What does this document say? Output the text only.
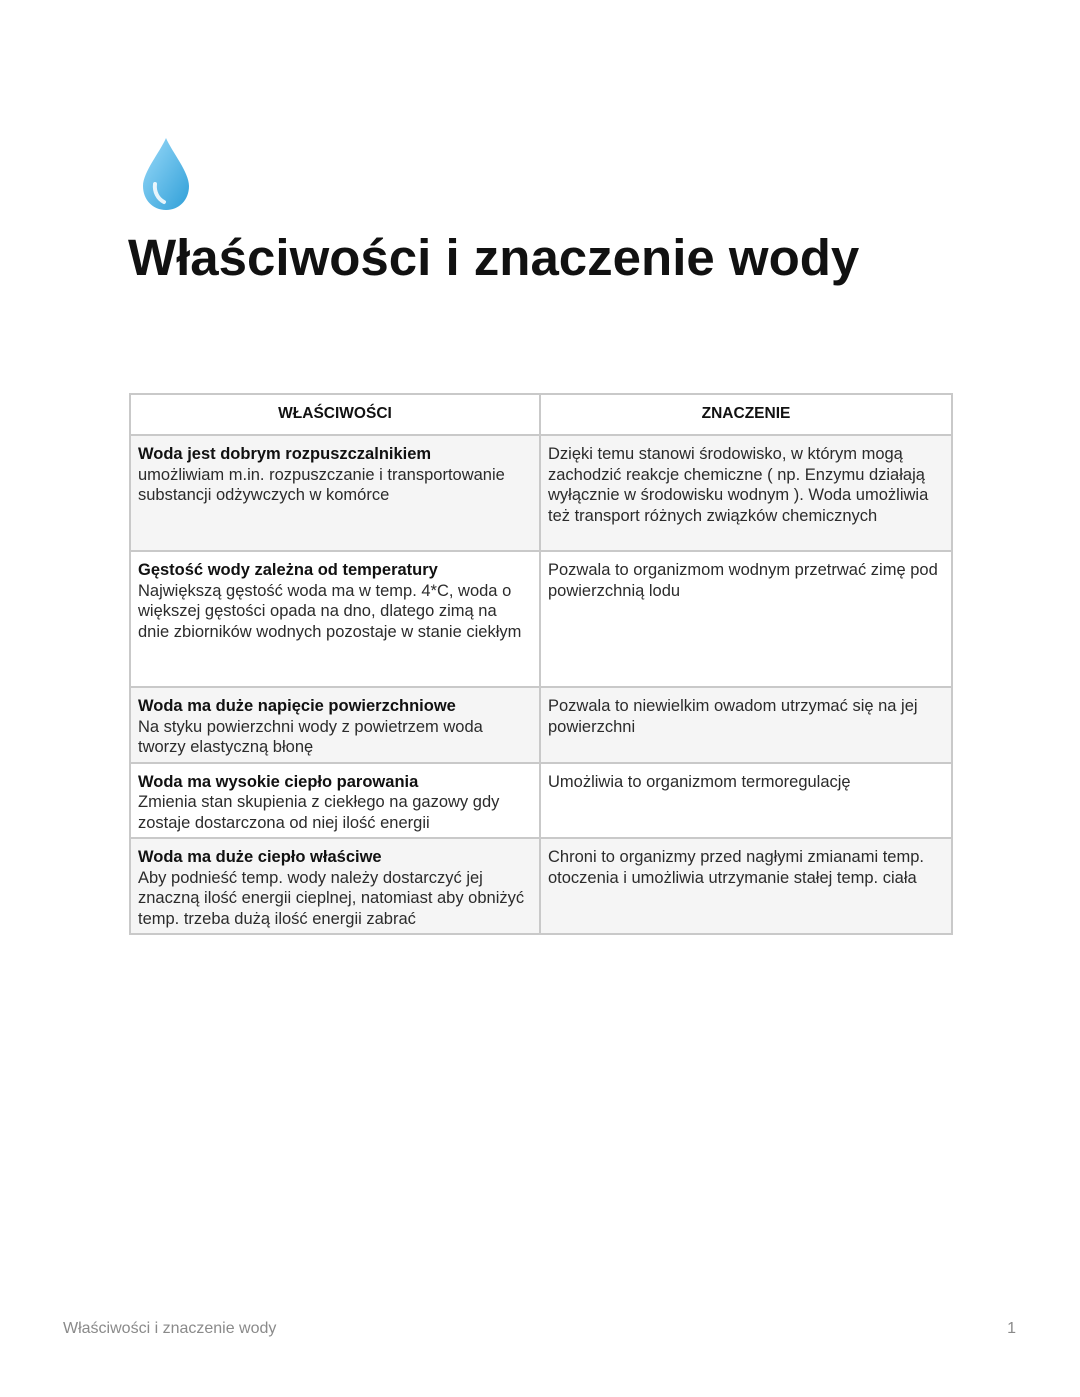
Właściwości i znaczenie wody
WŁAŚCIWOŚCI	ZNACZENIE

Woda jest dobrym rozpuszczalnikiem
umożliwiam m.in. rozpuszczanie i transportowanie substancji odżywczych w komórce	Dzięki temu stanowi środowisko, w którym mogą zachodzić reakcje chemiczne ( np. Enzymu działają wyłącznie w środowisku wodnym ). Woda umożliwia też transport różnych związków chemicznych

Gęstość wody zależna od temperatury
Największą gęstość woda ma w temp. 4*C, woda o większej gęstości opada na dno, dlatego zimą na dnie zbiorników wodnych pozostaje w stanie ciekłym	Pozwala to organizmom wodnym przetrwać zimę pod powierzchnią lodu

Woda ma duże napięcie powierzchniowe
Na styku powierzchni wody z powietrzem woda tworzy elastyczną błonę	Pozwala to niewielkim owadom utrzymać się na jej powierzchni

Woda ma wysokie ciepło parowania
Zmienia stan skupienia z ciekłego na gazowy gdy zostaje dostarczona od niej ilość energii	Umożliwia to organizmom termoregulację

Woda ma duże ciepło właściwe
Aby podnieść temp. wody należy dostarczyć jej znaczną ilość energii cieplnej, natomiast aby obniżyć temp. trzeba dużą ilość energii zabrać	Chroni to organizmy przed nagłymi zmianami temp. otoczenia i umożliwia utrzymanie stałej temp. ciała
Właściwości i znaczenie wody	1
